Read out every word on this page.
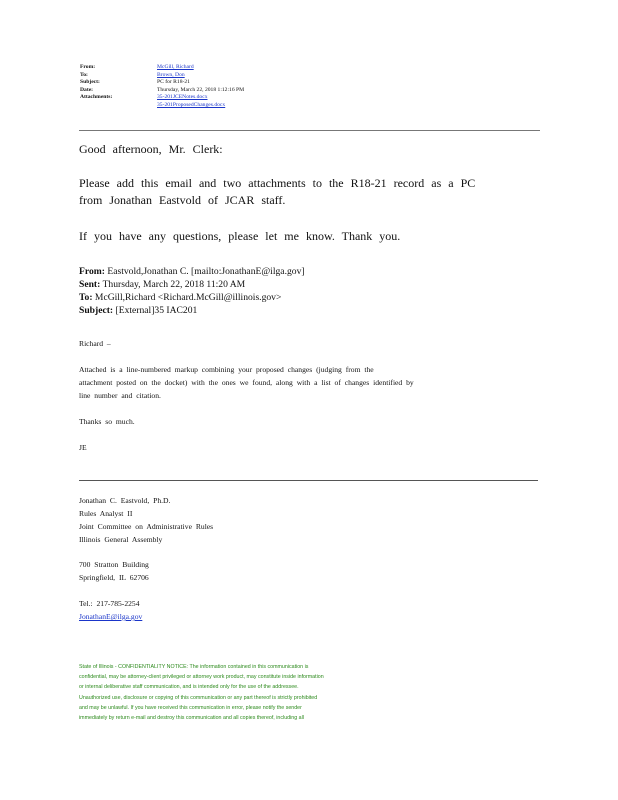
From:	McGill, Richard
To:	Brown, Don
Subject:	PC for R18-21
Date:	Thursday, March 22, 2018 1:12:16 PM
Attachments:	35-201JCENotes.docx
35-201ProposedChanges.docx
Good afternoon, Mr. Clerk:
Please add this email and two attachments to the R18-21 record as a PC
from Jonathan Eastvold of JCAR staff.
If you have any questions, please let me know. Thank you.
From: Eastvold,Jonathan C. [mailto:JonathanE@ilga.gov]
Sent: Thursday, March 22, 2018 11:20 AM
To: McGill,Richard <Richard.McGill@illinois.gov>
Subject: [External]35 IAC201
Richard –
Attached is a line-numbered markup combining your proposed changes (judging from the
attachment posted on the docket) with the ones we found, along with a list of changes identified by
line number and citation.
Thanks so much.
JE
Jonathan C. Eastvold, Ph.D.
Rules Analyst II
Joint Committee on Administrative Rules
Illinois General Assembly
700 Stratton Building
Springfield, IL 62706
Tel.: 217-785-2254
JonathanE@ilga.gov
State of Illinois - CONFIDENTIALITY NOTICE: The information contained in this communication is
confidential, may be attorney-client privileged or attorney work product, may constitute inside information
or internal deliberative staff communication, and is intended only for the use of the addressee.
Unauthorized use, disclosure or copying of this communication or any part thereof is strictly prohibited
and may be unlawful. If you have received this communication in error, please notify the sender
immediately by return e-mail and destroy this communication and all copies thereof, including all
